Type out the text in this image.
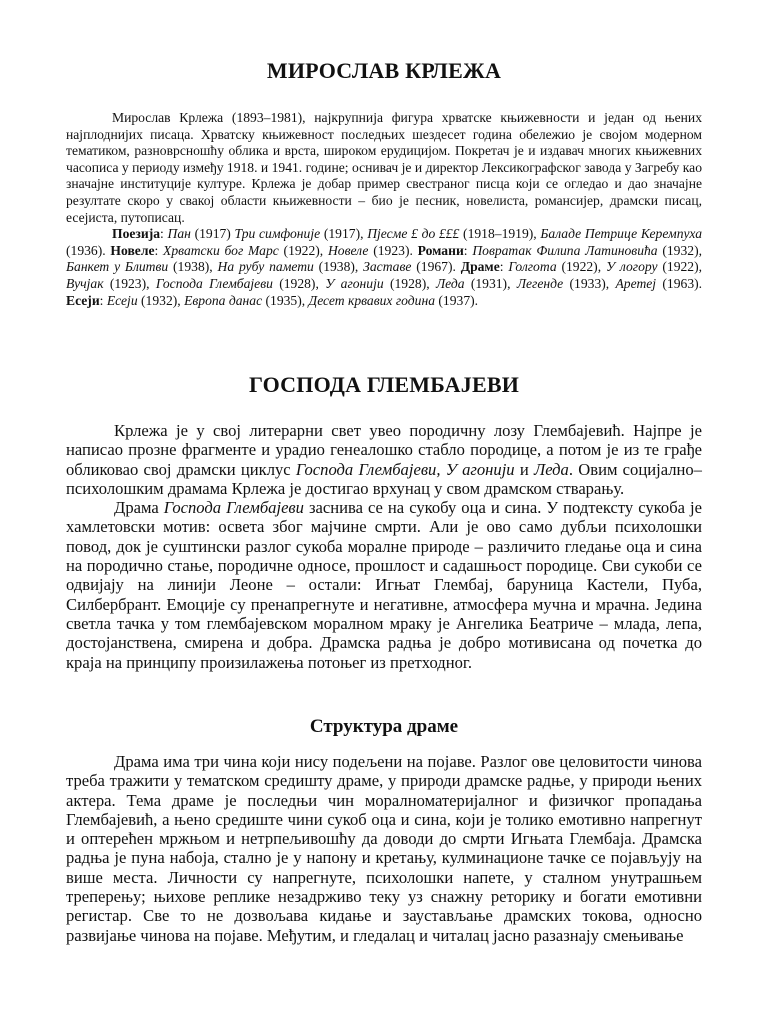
МИРОСЛАВ КРЛЕЖА

Мирослав Крлежа (1893–1981), најкрупнија фигура хрватске књижевности и један од њених најплоднијих писаца. Хрватску књижевност последњих шездесет година обележио је својом модерном тематиком, разноврсношћу облика и врста, широком ерудицијом. Покретач је и издавач многих књижевних часописа у периоду између 1918. и 1941. године; оснивач је и директор Лексикографског завода у Загребу као значајне институције културе. Крлежа је добар пример свестраног писца који се огледао и дао значајне резултате скоро у свакој области књижевности – био је песник, новелиста, романсијер, драмски писац, есејиста, путописац.

Поезија: Пан (1917) Три симфоније (1917), Пјесме £ до £££ (1918–1919), Баладе Петрице Керемпуха (1936). Новеле: Хрватски бог Марс (1922), Новеле (1923). Романи: Повратак Филипа Латиновића (1932), Банкет у Блитви (1938), На рубу памети (1938), Заставе (1967). Драме: Голгота (1922), У логору (1922), Вучјак (1923), Господа Глембајеви (1928), У агонији (1928), Леда (1931), Легенде (1933), Аретеј (1963). Есеји: Есеји (1932), Европа данас (1935), Десет крвавих година (1937).

ГОСПОДА ГЛЕМБАЈЕВИ

Крлежа је у свој литерарни свет увео породичну лозу Глембајевић. Најпре је написао прозне фрагменте и урадио генеалошко стабло породице, а потом је из те грађе обликовао свој драмски циклус Господа Глембајеви, У агонији и Леда. Овим социјално–психолошким драмама Крлежа је достигао врхунац у свом драмском стварању.

Драма Господа Глембајеви заснива се на сукобу оца и сина. У подтексту сукоба је хамлетовски мотив: освета због мајчине смрти. Али је ово само дубљи психолошки повод, док је суштински разлог сукоба моралне природе – различито гледање оца и сина на породично стање, породичне односе, прошлост и садашњост породице. Сви сукоби се одвијају на линији Леоне – остали: Игњат Глембај, баруница Кастели, Пуба, Силбербрант. Емоције су пренапрегнуте и негативне, атмосфера мучна и мрачна. Једина светла тачка у том глембајевском моралном мраку је Ангелика Беатриче – млада, лепа, достојанствена, смирена и добра. Драмска радња је добро мотивисана од почетка до краја на принципу произилажења потоњег из претходног.

Структура драме

Драма има три чина који нису подељени на појаве. Разлог ове целовитости чинова треба тражити у тематском средишту драме, у природи драмске радње, у природи њених актера. Тема драме је последњи чин моралноматеријалног и физичког пропадања Глембајевић, а њено средиште чини сукоб оца и сина, који је толико емотивно напрегнут и оптерећен мржњом и нетрпељивошћу да доводи до смрти Игњата Глембаја. Драмска радња је пуна набоја, стално је у напону и кретању, кулминационе тачке се појављују на више места. Личности су напрегнуте, психолошки напете, у сталном унутрашњем треперењу; њихове реплике незадрживо теку уз снажну реторику и богати емотивни регистар. Све то не дозвољава кидање и заустављање драмских токова, односно развијање чинова на појаве. Међутим, и гледалац и читалац јасно разазнају смењивање
